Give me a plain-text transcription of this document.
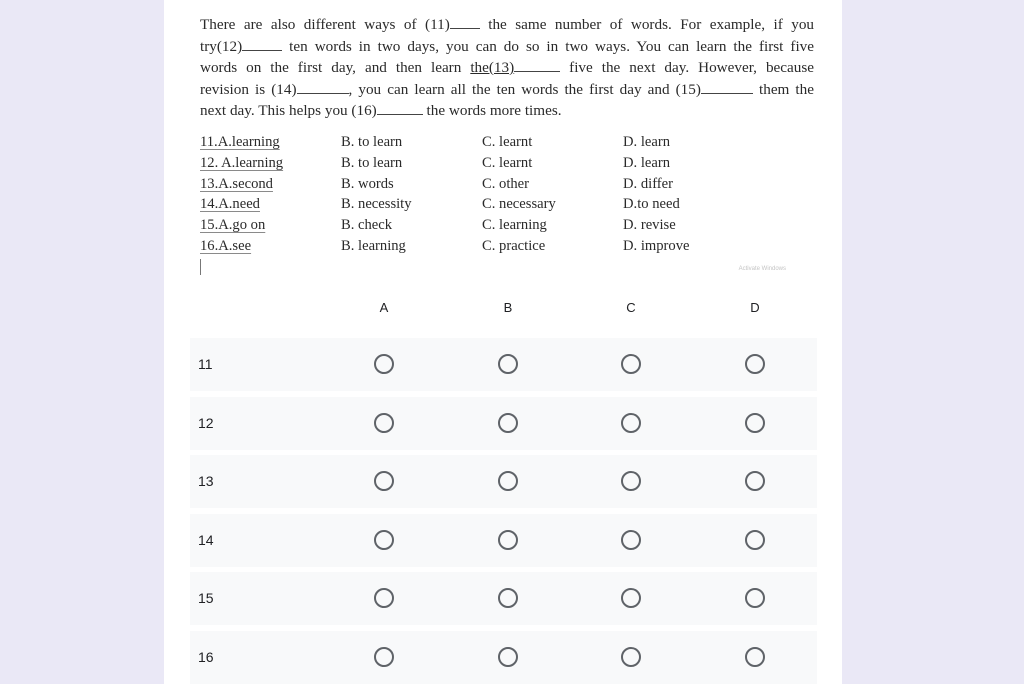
There are also different ways of (11)	the same number of words. For example, if you
try(12)	ten words in two days, you can do so in two ways. You can learn the first five
words on the first day, and then learn the(13)	five the next day. However, because
revision is (14)	, you can learn all the ten words the first day and (15)	them the
next day. This helps you (16)	the words more times.
11.A.learning	B. to learn	C. learnt	D. learn
12. A.learning	B. to learn	C. learnt	D. learn
13.A.second	B. words	C. other	D. differ
14.A.need	B. necessity	C. necessary	D.to need
15.A.go on	B. check	C. learning	D. revise
16.A.see	B. learning	C. practice	D. improve
Activate Windows
A	B	C	D
11
12
13
14
15
16
